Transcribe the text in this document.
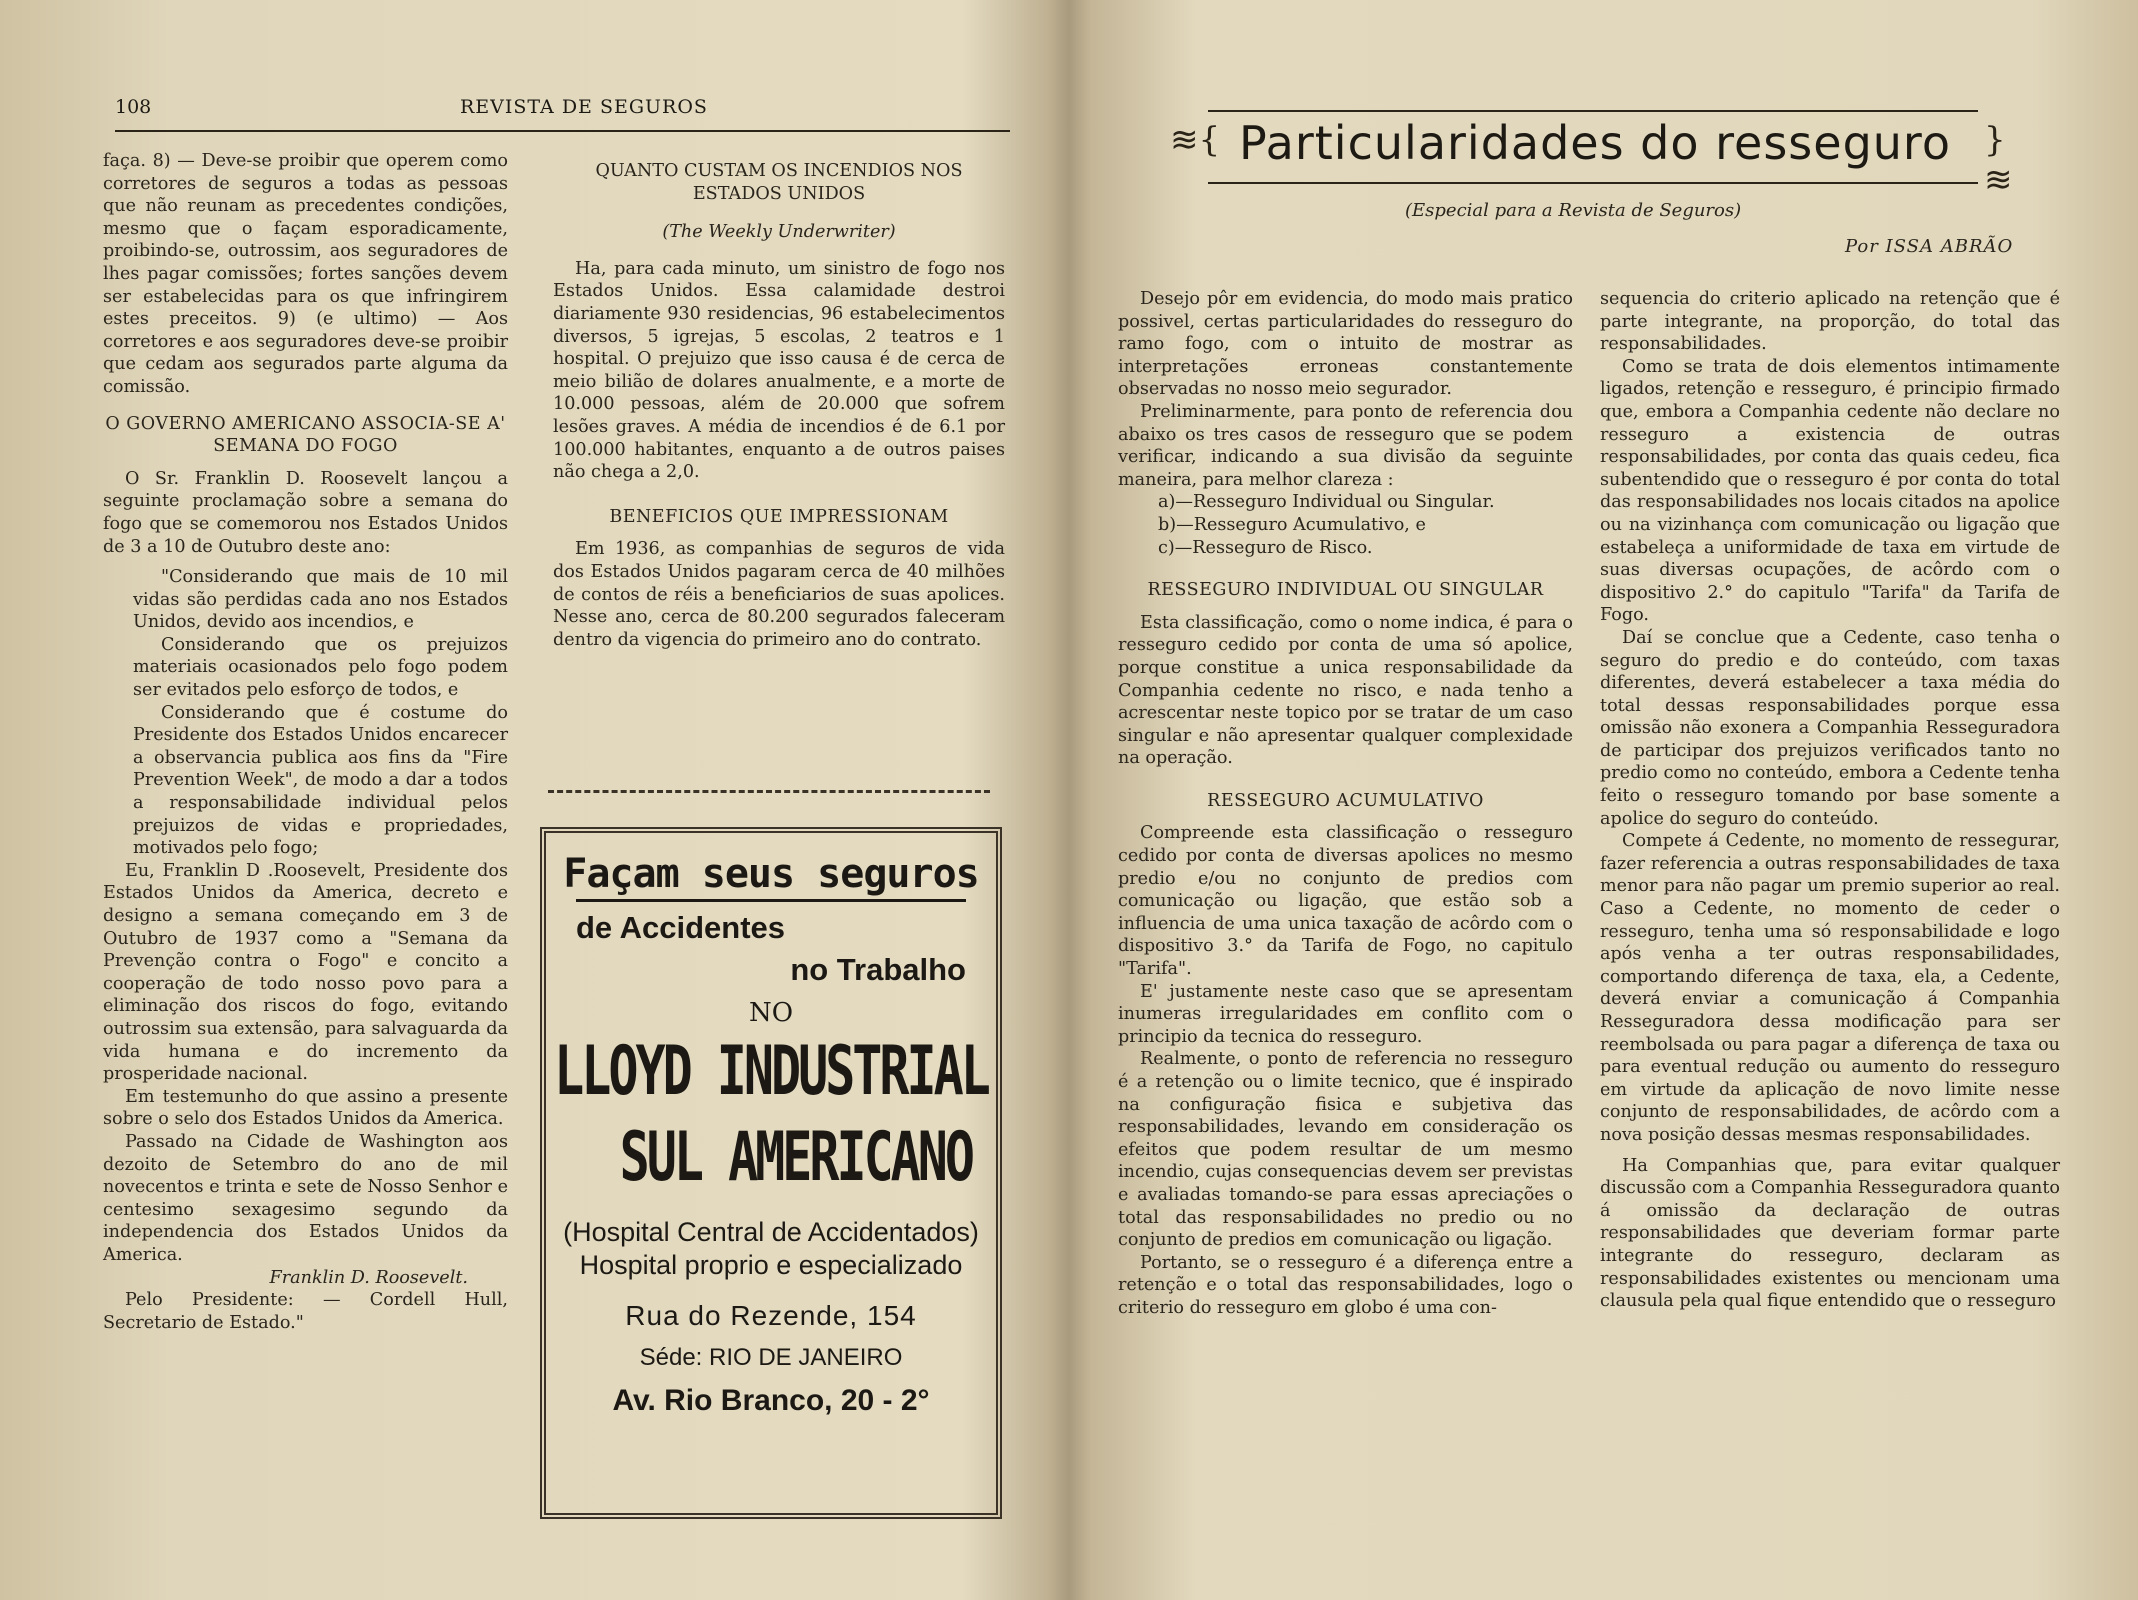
108	REVISTA DE SEGUROS

faça. 8) — Deve-se proibir que operem como corretores de seguros a todas as pessoas que não reunam as precedentes condições, mesmo que o façam esporadicamente, proibindo-se, outrossim, aos seguradores de lhes pagar comissões; fortes sanções devem ser estabelecidas para os que infringirem estes preceitos. 9) (e ultimo) — Aos corretores e aos seguradores deve-se proibir que cedam aos segurados parte alguma da comissão.

O GOVERNO AMERICANO ASSOCIA-SE A' SEMANA DO FOGO

O Sr. Franklin D. Roosevelt lançou a seguinte proclamação sobre a semana do fogo que se comemorou nos Estados Unidos de 3 a 10 de Outubro deste ano:

"Considerando que mais de 10 mil vidas são perdidas cada ano nos Estados Unidos, devido aos incendios, e

Considerando que os prejuizos materiais ocasionados pelo fogo podem ser evitados pelo esforço de todos, e

Considerando que é costume do Presidente dos Estados Unidos encarecer a observancia publica aos fins da "Fire Prevention Week", de modo a dar a todos a responsabilidade individual pelos prejuizos de vidas e propriedades, motivados pelo fogo;

Eu, Franklin D .Roosevelt, Presidente dos Estados Unidos da America, decreto e designo a semana começando em 3 de Outubro de 1937 como a "Semana da Prevenção contra o Fogo" e concito a cooperação de todo nosso povo para a eliminação dos riscos do fogo, evitando outrossim sua extensão, para salvaguarda da vida humana e do incremento da prosperidade nacional.

Em testemunho do que assino a presente sobre o selo dos Estados Unidos da America.

Passado na Cidade de Washington aos dezoito de Setembro do ano de mil novecentos e trinta e sete de Nosso Senhor e centesimo sexagesimo segundo da independencia dos Estados Unidos da America.

Franklin D. Roosevelt.

Pelo Presidente: — Cordell Hull, Secretario de Estado."

QUANTO CUSTAM OS INCENDIOS NOS ESTADOS UNIDOS

(The Weekly Underwriter)

Ha, para cada minuto, um sinistro de fogo nos Estados Unidos. Essa calamidade destroi diariamente 930 residencias, 96 estabelecimentos diversos, 5 igrejas, 5 escolas, 2 teatros e 1 hospital. O prejuizo que isso causa é de cerca de meio bilião de dolares anualmente, e a morte de 10.000 pessoas, além de 20.000 que sofrem lesões graves. A média de incendios é de 6.1 por 100.000 habitantes, enquanto a de outros paises não chega a 2,0.

BENEFICIOS QUE IMPRESSIONAM

Em 1936, as companhias de seguros de vida dos Estados Unidos pagaram cerca de 40 milhões de contos de réis a beneficiarios de suas apolices. Nesse ano, cerca de 80.200 segurados faleceram dentro da vigencia do primeiro ano do contrato.

Façam seus seguros
de Accidentes
no Trabalho
NO
LLOYD INDUSTRIAL
SUL AMERICANO
(Hospital Central de Accidentados) Hospital proprio e especializado
Rua do Rezende, 154
Séde: RIO DE JANEIRO
Av. Rio Branco, 20 - 2°
≋{ Particularidades do resseguro }≋
(Especial para a Revista de Seguros)
Por ISSA ABRÃO

Desejo pôr em evidencia, do modo mais pratico possivel, certas particularidades do resseguro do ramo fogo, com o intuito de mostrar as interpretações erroneas constantemente observadas no nosso meio segurador.

Preliminarmente, para ponto de referencia dou abaixo os tres casos de resseguro que se podem verificar, indicando a sua divisão da seguinte maneira, para melhor clareza :

a)—Resseguro Individual ou Singular.

b)—Resseguro Acumulativo, e

c)—Resseguro de Risco.

RESSEGURO INDIVIDUAL OU SINGULAR

Esta classificação, como o nome indica, é para o resseguro cedido por conta de uma só apolice, porque constitue a unica responsabilidade da Companhia cedente no risco, e nada tenho a acrescentar neste topico por se tratar de um caso singular e não apresentar qualquer complexidade na operação.

RESSEGURO ACUMULATIVO

Compreende esta classificação o resseguro cedido por conta de diversas apolices no mesmo predio e/ou no conjunto de predios com comunicação ou ligação, que estão sob a influencia de uma unica taxação de acôrdo com o dispositivo 3.° da Tarifa de Fogo, no capitulo "Tarifa".

E' justamente neste caso que se apresentam inumeras irregularidades em conflito com o principio da tecnica do resseguro.

Realmente, o ponto de referencia no resseguro é a retenção ou o limite tecnico, que é inspirado na configuração fisica e subjetiva das responsabilidades, levando em consideração os efeitos que podem resultar de um mesmo incendio, cujas consequencias devem ser previstas e avaliadas tomando-se para essas apreciações o total das responsabilidades no predio ou no conjunto de predios em comunicação ou ligação.

Portanto, se o resseguro é a diferença entre a retenção e o total das responsabilidades, logo o criterio do resseguro em globo é uma con-

sequencia do criterio aplicado na retenção que é parte integrante, na proporção, do total das responsabilidades.

Como se trata de dois elementos intimamente ligados, retenção e resseguro, é principio firmado que, embora a Companhia cedente não declare no resseguro a existencia de outras responsabilidades, por conta das quais cedeu, fica subentendido que o resseguro é por conta do total das responsabilidades nos locais citados na apolice ou na vizinhança com comunicação ou ligação que estabeleça a uniformidade de taxa em virtude de suas diversas ocupações, de acôrdo com o dispositivo 2.° do capitulo "Tarifa" da Tarifa de Fogo.

Daí se conclue que a Cedente, caso tenha o seguro do predio e do conteúdo, com taxas diferentes, deverá estabelecer a taxa média do total dessas responsabilidades porque essa omissão não exonera a Companhia Resseguradora de participar dos prejuizos verificados tanto no predio como no conteúdo, embora a Cedente tenha feito o resseguro tomando por base somente a apolice do seguro do conteúdo.

Compete á Cedente, no momento de ressegurar, fazer referencia a outras responsabilidades de taxa menor para não pagar um premio superior ao real. Caso a Cedente, no momento de ceder o resseguro, tenha uma só responsabilidade e logo após venha a ter outras responsabilidades, comportando diferença de taxa, ela, a Cedente, deverá enviar a comunicação á Companhia Resseguradora dessa modificação para ser reembolsada ou para pagar a diferença de taxa ou para eventual redução ou aumento do resseguro em virtude da aplicação de novo limite nesse conjunto de responsabilidades, de acôrdo com a nova posição dessas mesmas responsabilidades.

Ha Companhias que, para evitar qualquer discussão com a Companhia Resseguradora quanto á omissão da declaração de outras responsabilidades que deveriam formar parte integrante do resseguro, declaram as responsabilidades existentes ou mencionam uma clausula pela qual fique entendido que o resseguro
